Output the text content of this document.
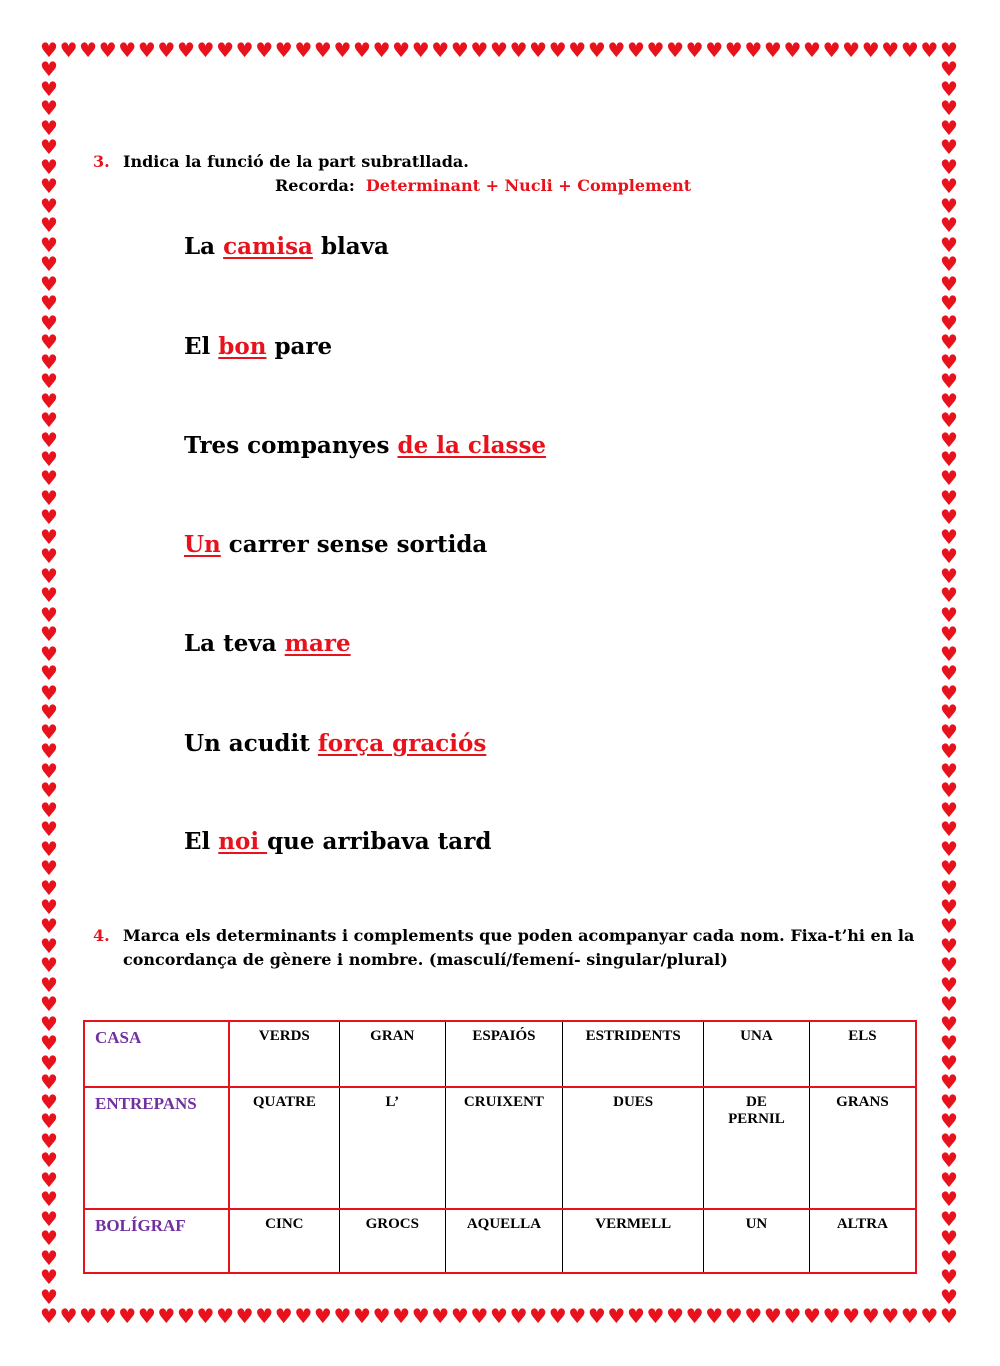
♥
♥
♥
♥
♥
♥
♥
♥
♥
♥
♥
♥
♥
♥
♥
♥
♥
♥
♥
♥
♥
♥
♥
♥
♥
♥
♥
♥
♥
♥
♥
♥
♥
♥
♥
♥
♥
♥
♥
♥
♥
♥
♥
♥
♥
♥
♥
♥
♥
♥
♥
♥
♥
♥
♥
♥
♥
♥
♥
♥
♥
♥
♥
♥
♥
♥
♥
♥
♥
♥
♥
♥
♥
♥
♥
♥
♥
♥
♥
♥
♥
♥
♥
♥
♥
♥
♥
♥
♥
♥
♥
♥
♥
♥
♥	♥
♥	♥
♥	♥
♥	♥
♥	♥
♥	♥
♥	♥
♥	♥
♥	♥
♥	♥
♥	♥
♥	♥
♥	♥
♥	♥
♥	♥
♥	♥
♥	♥
♥	♥
♥	♥
♥	♥
♥	♥
♥	♥
♥	♥
♥	♥
♥	♥
♥	♥
♥	♥
♥	♥
♥	♥
♥	♥
♥	♥
♥	♥
♥	♥
♥	♥
♥	♥
♥	♥
♥	♥
♥	♥
♥	♥
♥	♥
♥	♥
♥	♥
♥	♥
♥	♥
♥	♥
♥	♥
♥	♥
♥	♥
♥	♥
♥	♥
♥	♥
♥	♥
♥	♥
♥	♥
♥	♥
♥	♥
♥	♥
♥	♥
♥	♥
♥	♥
♥	♥
♥	♥
♥	♥
♥	♥
3. Indica la funció de la part subratllada.
Recorda: Determinant + Nucli + Complement
La camisa blava
El bon pare
Tres companyes de la classe
Un carrer sense sortida
La teva mare
Un acudit força graciós
El noi que arribava tard
4. Marca els determinants i complements que poden acompanyar cada nom. Fixa-t’hi en la
concordança de gènere i nombre. (masculí/femení- singular/plural)
CASA	VERDS	GRAN	ESPAIÓS	ESTRIDENTS	UNA	ELS
ENTREPANS	QUATRE	L’	CRUIXENT	DUES	DE PERNIL	GRANS
BOLÍGRAF	CINC	GROCS	AQUELLA	VERMELL	UN	ALTRA
